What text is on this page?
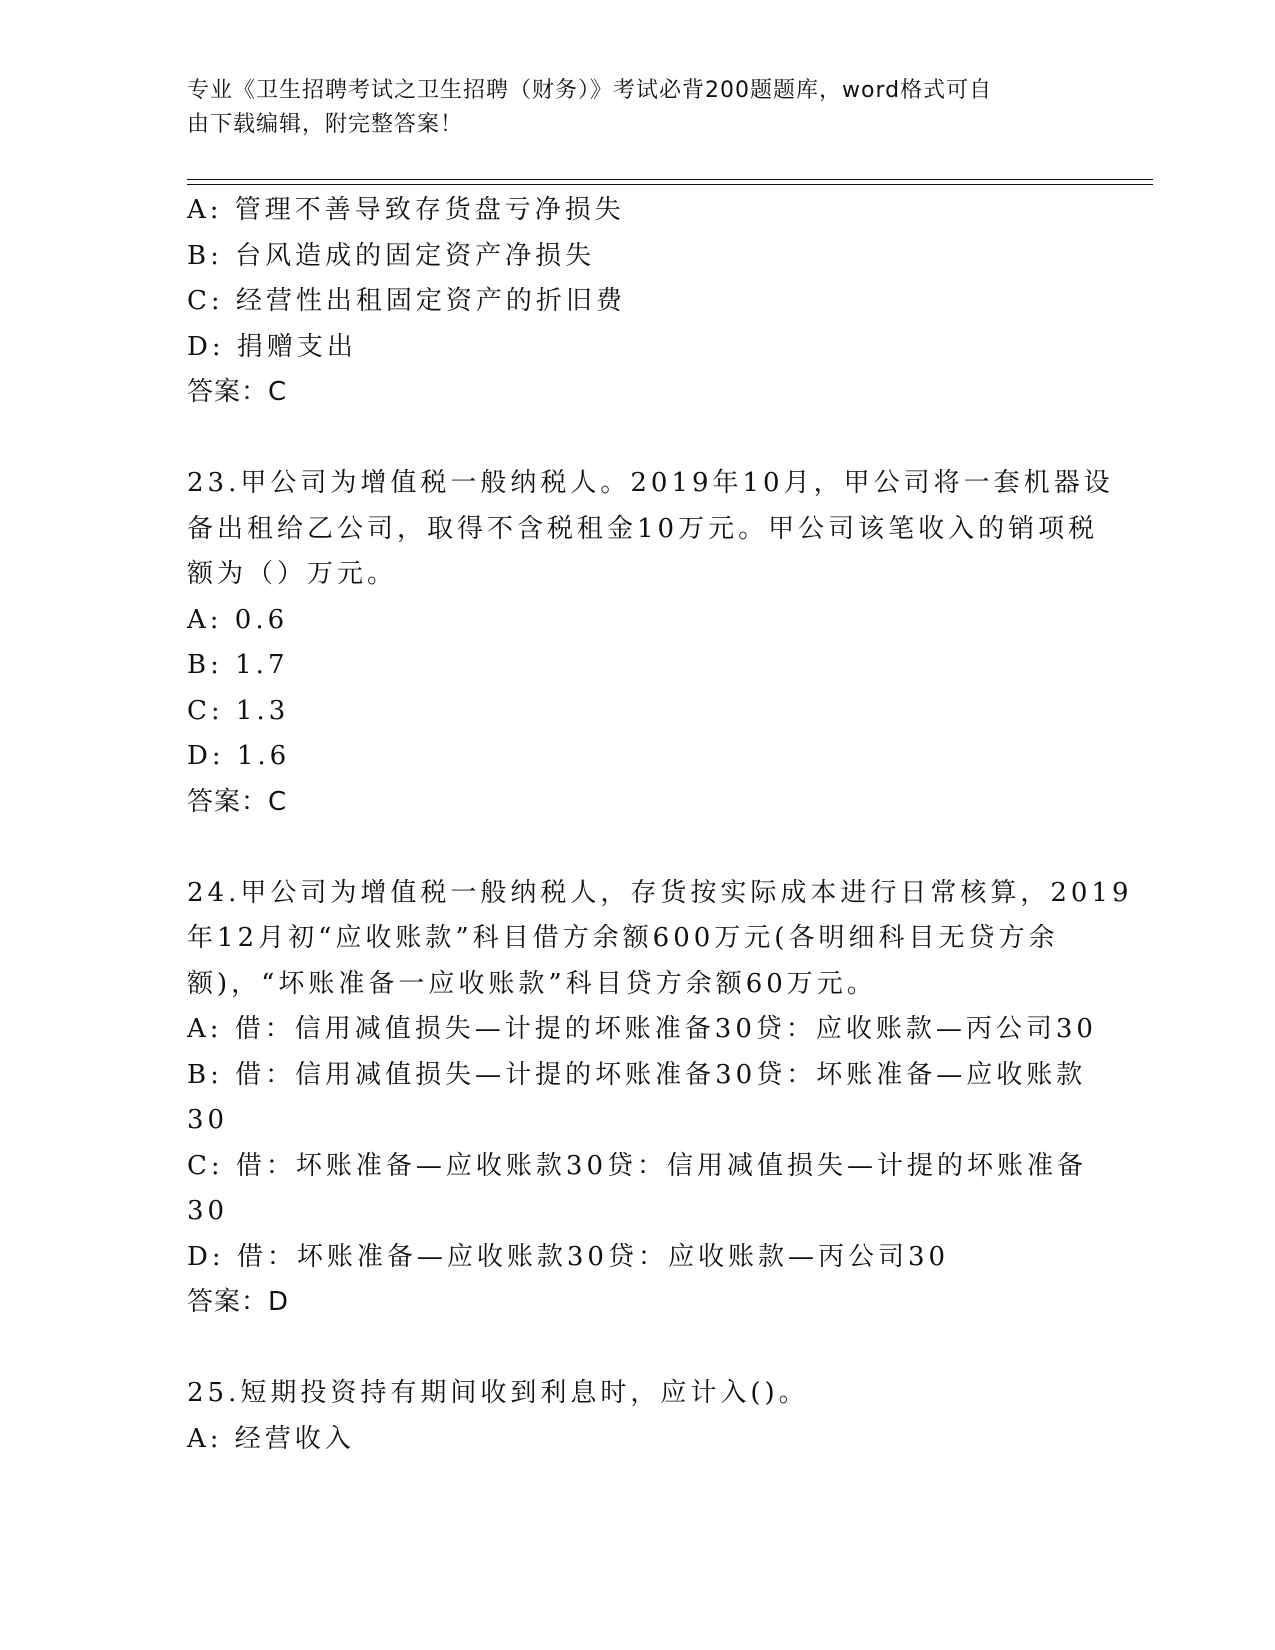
专业《卫生招聘考试之卫生招聘（财务）》考试必背200题题库，word格式可自
由下载编辑，附完整答案！
A: 管理不善导致存货盘亏净损失
B: 台风造成的固定资产净损失
C: 经营性出租固定资产的折旧费
D: 捐赠支出
答案：C
23.甲公司为增值税一般纳税人。2019年10月，甲公司将一套机器设
备出租给乙公司，取得不含税租金10万元。甲公司该笔收入的销项税
额为（）万元。
A: 0.6
B: 1.7
C: 1.3
D: 1.6
答案：C
24.甲公司为增值税一般纳税人，存货按实际成本进行日常核算，2019
年12月初“应收账款”科目借方余额600万元(各明细科目无贷方余
额)，“坏账准备一应收账款”科目贷方余额60万元。
A: 借：信用减值损失—计提的坏账准备30贷：应收账款—丙公司30
B: 借：信用减值损失—计提的坏账准备30贷：坏账准备—应收账款
30
C: 借：坏账准备—应收账款30贷：信用减值损失—计提的坏账准备
30
D: 借：坏账准备—应收账款30贷：应收账款—丙公司30
答案：D
25.短期投资持有期间收到利息时，应计入()。
A: 经营收入
